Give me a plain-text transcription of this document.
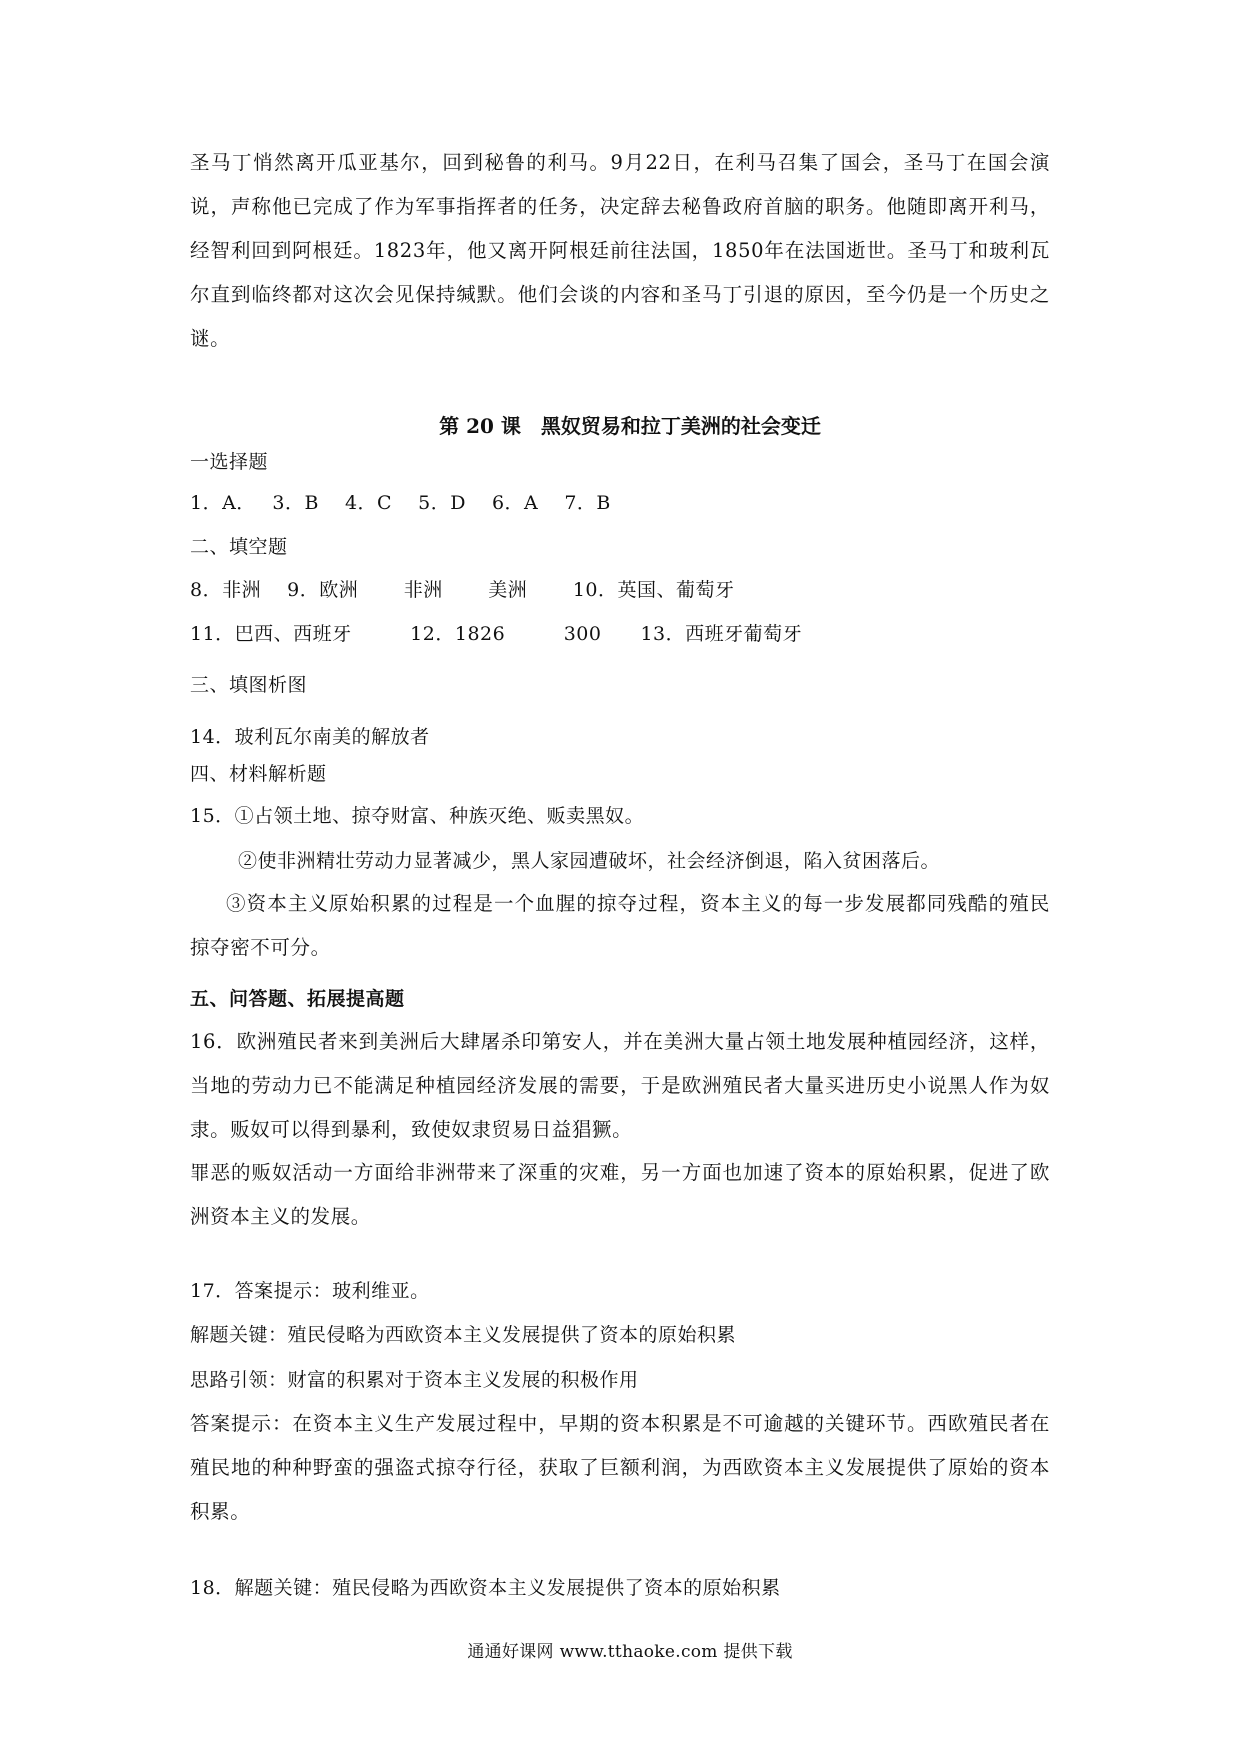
圣马丁悄然离开瓜亚基尔，回到秘鲁的利马。9月22日，在利马召集了国会，圣马丁在国会演说，声称他已完成了作为军事指挥者的任务，决定辞去秘鲁政府首脑的职务。他随即离开利马，经智利回到阿根廷。1823年，他又离开阿根廷前往法国，1850年在法国逝世。圣马丁和玻利瓦尔直到临终都对这次会见保持缄默。他们会谈的内容和圣马丁引退的原因，至今仍是一个历史之谜。
第 20 课　黑奴贸易和拉丁美洲的社会变迁
一选择题
1．A．　 3．B　 4．C　 5．D　 6．A　 7．B
二、填空题
8．非洲　 9．欧洲　 　非洲　 　美洲　 　10．英国、葡萄牙
11．巴西、西班牙　　　12．1826　　　300　　13．西班牙葡萄牙
三、填图析图
14．玻利瓦尔南美的解放者
四、材料解析题
15．①占领土地、掠夺财富、种族灭绝、贩卖黑奴。
②使非洲精壮劳动力显著减少，黑人家园遭破坏，社会经济倒退，陷入贫困落后。
③资本主义原始积累的过程是一个血腥的掠夺过程，资本主义的每一步发展都同残酷的殖民掠夺密不可分。
五、问答题、拓展提高题
16．欧洲殖民者来到美洲后大肆屠杀印第安人，并在美洲大量占领土地发展种植园经济，这样，当地的劳动力已不能满足种植园经济发展的需要，于是欧洲殖民者大量买进历史小说黑人作为奴隶。贩奴可以得到暴利，致使奴隶贸易日益猖獗。
罪恶的贩奴活动一方面给非洲带来了深重的灾难，另一方面也加速了资本的原始积累，促进了欧洲资本主义的发展。
17．答案提示：玻利维亚。
解题关键：殖民侵略为西欧资本主义发展提供了资本的原始积累
思路引领：财富的积累对于资本主义发展的积极作用
答案提示：在资本主义生产发展过程中，早期的资本积累是不可逾越的关键环节。西欧殖民者在殖民地的种种野蛮的强盗式掠夺行径，获取了巨额利润，为西欧资本主义发展提供了原始的资本积累。
18．解题关键：殖民侵略为西欧资本主义发展提供了资本的原始积累
通通好课网 www.tthaoke.com 提供下载
